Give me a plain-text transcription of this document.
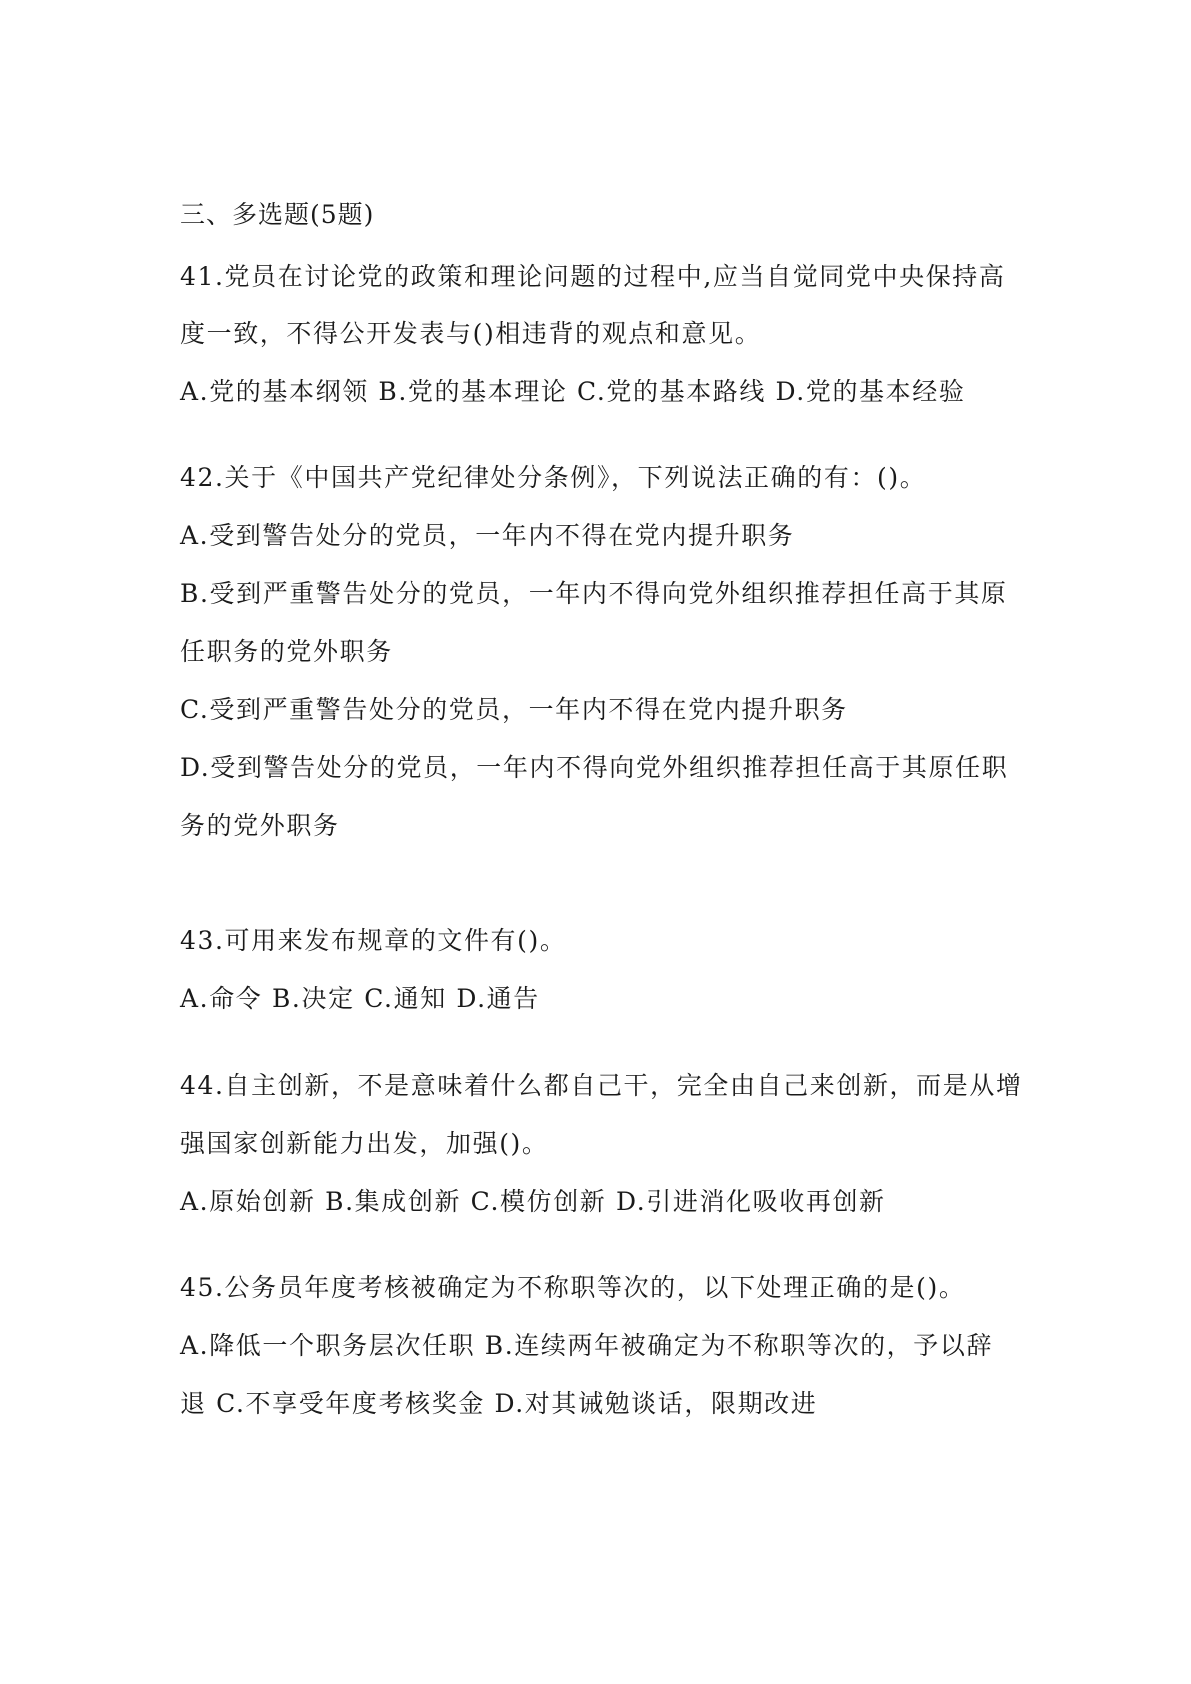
三、多选题(5题)
41.党员在讨论党的政策和理论问题的过程中,应当自觉同党中央保持高
度一致，不得公开发表与()相违背的观点和意见。
A.党的基本纲领 B.党的基本理论 C.党的基本路线 D.党的基本经验
42.关于《中国共产党纪律处分条例》，下列说法正确的有：()。
A.受到警告处分的党员，一年内不得在党内提升职务
B.受到严重警告处分的党员，一年内不得向党外组织推荐担任高于其原
任职务的党外职务
C.受到严重警告处分的党员，一年内不得在党内提升职务
D.受到警告处分的党员，一年内不得向党外组织推荐担任高于其原任职
务的党外职务
43.可用来发布规章的文件有()。
A.命令 B.决定 C.通知 D.通告
44.自主创新，不是意味着什么都自己干，完全由自己来创新，而是从增
强国家创新能力出发，加强()。
A.原始创新 B.集成创新 C.模仿创新 D.引进消化吸收再创新
45.公务员年度考核被确定为不称职等次的，以下处理正确的是()。
A.降低一个职务层次任职 B.连续两年被确定为不称职等次的，予以辞
退 C.不享受年度考核奖金 D.对其诫勉谈话，限期改进
